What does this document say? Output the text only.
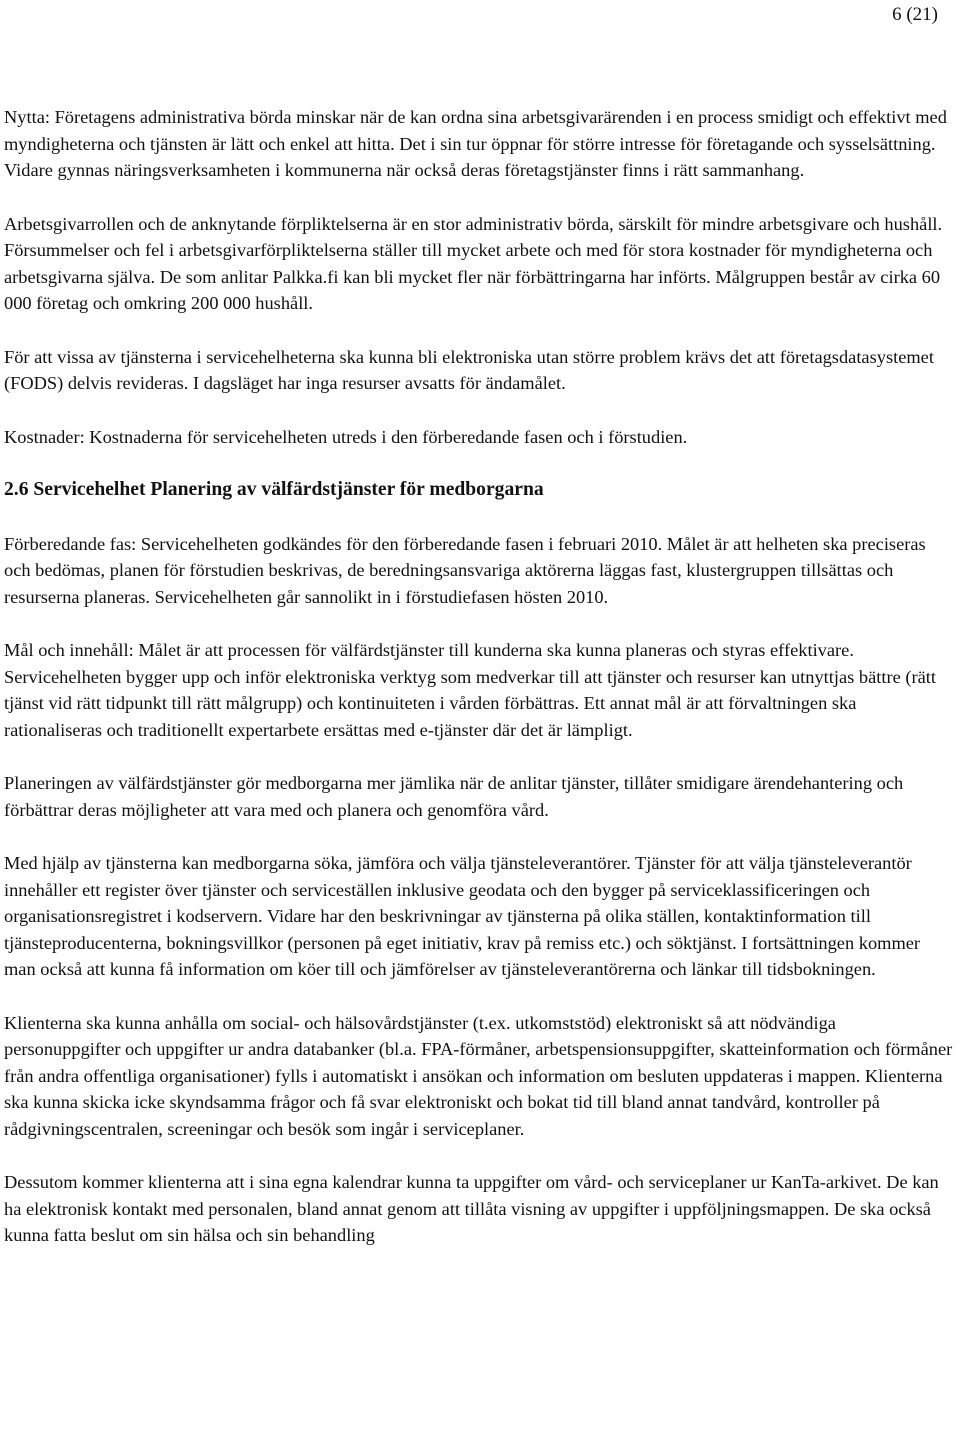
6 (21)

Nytta: Företagens administrativa börda minskar när de kan ordna sina arbetsgivarärenden i en process smidigt och effektivt med myndigheterna och tjänsten är lätt och enkel att hitta. Det i sin tur öppnar för större intresse för företagande och sysselsättning. Vidare gynnas näringsverksamheten i kommunerna när också deras företagstjänster finns i rätt sammanhang.

Arbetsgivarrollen och de anknytande förpliktelserna är en stor administrativ börda, särskilt för mindre arbetsgivare och hushåll. Försummelser och fel i arbetsgivarförpliktelserna ställer till mycket arbete och med för stora kostnader för myndigheterna och arbetsgivarna själva. De som anlitar Palkka.fi kan bli mycket fler när förbättringarna har införts. Målgruppen består av cirka 60 000 företag och omkring 200 000 hushåll.

För att vissa av tjänsterna i servicehelheterna ska kunna bli elektroniska utan större problem krävs det att företagsdatasystemet (FODS) delvis revideras. I dagsläget har inga resurser avsatts för ändamålet.

Kostnader: Kostnaderna för servicehelheten utreds i den förberedande fasen och i förstudien.

2.6 Servicehelhet Planering av välfärdstjänster för medborgarna

Förberedande fas: Servicehelheten godkändes för den förberedande fasen i februari 2010. Målet är att helheten ska preciseras och bedömas, planen för förstudien beskrivas, de beredningsansvariga aktörerna läggas fast, klustergruppen tillsättas och resurserna planeras. Servicehelheten går sannolikt in i förstudiefasen hösten 2010.

Mål och innehåll: Målet är att processen för välfärdstjänster till kunderna ska kunna planeras och styras effektivare. Servicehelheten bygger upp och inför elektroniska verktyg som medverkar till att tjänster och resurser kan utnyttjas bättre (rätt tjänst vid rätt tidpunkt till rätt målgrupp) och kontinuiteten i vården förbättras. Ett annat mål är att förvaltningen ska rationaliseras och traditionellt expertarbete ersättas med e-tjänster där det är lämpligt.

Planeringen av välfärdstjänster gör medborgarna mer jämlika när de anlitar tjänster, tillåter smidigare ärendehantering och förbättrar deras möjligheter att vara med och planera och genomföra vård.

Med hjälp av tjänsterna kan medborgarna söka, jämföra och välja tjänsteleverantörer. Tjänster för att välja tjänsteleverantör innehåller ett register över tjänster och serviceställen inklusive geodata och den bygger på serviceklassificeringen och organisationsregistret i kodservern. Vidare har den beskrivningar av tjänsterna på olika ställen, kontaktinformation till tjänsteproducenterna, bokningsvillkor (personen på eget initiativ, krav på remiss etc.) och söktjänst. I fortsättningen kommer man också att kunna få information om köer till och jämförelser av tjänsteleverantörerna och länkar till tidsbokningen.

Klienterna ska kunna anhålla om social- och hälsovårdstjänster (t.ex. utkomststöd) elektroniskt så att nödvändiga personuppgifter och uppgifter ur andra databanker (bl.a. FPA-förmåner, arbetspensionsuppgifter, skatteinformation och förmåner från andra offentliga organisationer) fylls i automatiskt i ansökan och information om besluten uppdateras i mappen. Klienterna ska kunna skicka icke skyndsamma frågor och få svar elektroniskt och bokat tid till bland annat tandvård, kontroller på rådgivningscentralen, screeningar och besök som ingår i serviceplaner.

Dessutom kommer klienterna att i sina egna kalendrar kunna ta uppgifter om vård- och serviceplaner ur KanTa-arkivet. De kan ha elektronisk kontakt med personalen, bland annat genom att tillåta visning av uppgifter i uppföljningsmappen. De ska också kunna fatta beslut om sin hälsa och sin behandling
